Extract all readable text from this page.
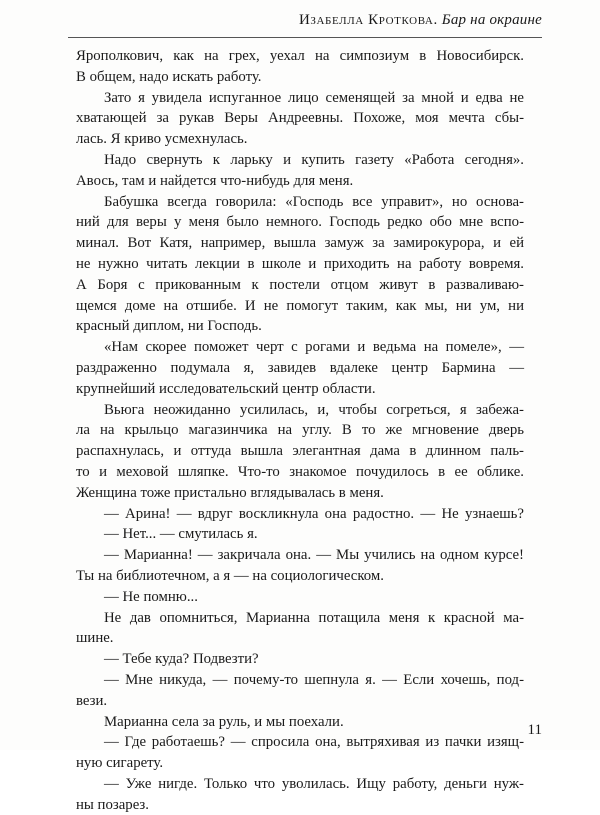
Изабелла Кроткова. Бар на окраине
Ярополкович, как на грех, уехал на симпозиум в Новосибирск.
В общем, надо искать работу.
Зато я увидела испуганное лицо семенящей за мной и едва не
хватающей за рукав Веры Андреевны. Похоже, моя мечта сбы-
лась. Я криво усмехнулась.
Надо свернуть к ларьку и купить газету «Работа сегодня».
Авось, там и найдется что-нибудь для меня.
Бабушка всегда говорила: «Господь все управит», но основа-
ний для веры у меня было немного. Господь редко обо мне вспо-
минал. Вот Катя, например, вышла замуж за замирокурора, и ей
не нужно читать лекции в школе и приходить на работу вовремя.
А Боря с прикованным к постели отцом живут в разваливаю-
щемся доме на отшибе. И не помогут таким, как мы, ни ум, ни
красный диплом, ни Господь.
«Нам скорее поможет черт с рогами и ведьма на помеле», —
раздраженно подумала я, завидев вдалеке центр Бармина —
крупнейший исследовательский центр области.
Вьюга неожиданно усилилась, и, чтобы согреться, я забежа-
ла на крыльцо магазинчика на углу. В то же мгновение дверь
распахнулась, и оттуда вышла элегантная дама в длинном паль-
то и меховой шляпке. Что-то знакомое почудилось в ее облике.
Женщина тоже пристально вглядывалась в меня.
— Арина! — вдруг воскликнула она радостно. — Не узнаешь?
— Нет... — смутилась я.
— Марианна! — закричала она. — Мы учились на одном курсе!
Ты на библиотечном, а я — на социологическом.
— Не помню...
Не дав опомниться, Марианна потащила меня к красной ма-
шине.
— Тебе куда? Подвезти?
— Мне никуда, — почему-то шепнула я. — Если хочешь, под-
вези.
Марианна села за руль, и мы поехали.
— Где работаешь? — спросила она, вытряхивая из пачки изящ-
ную сигарету.
— Уже нигде. Только что уволилась. Ищу работу, деньги нуж-
ны позарез.
11
